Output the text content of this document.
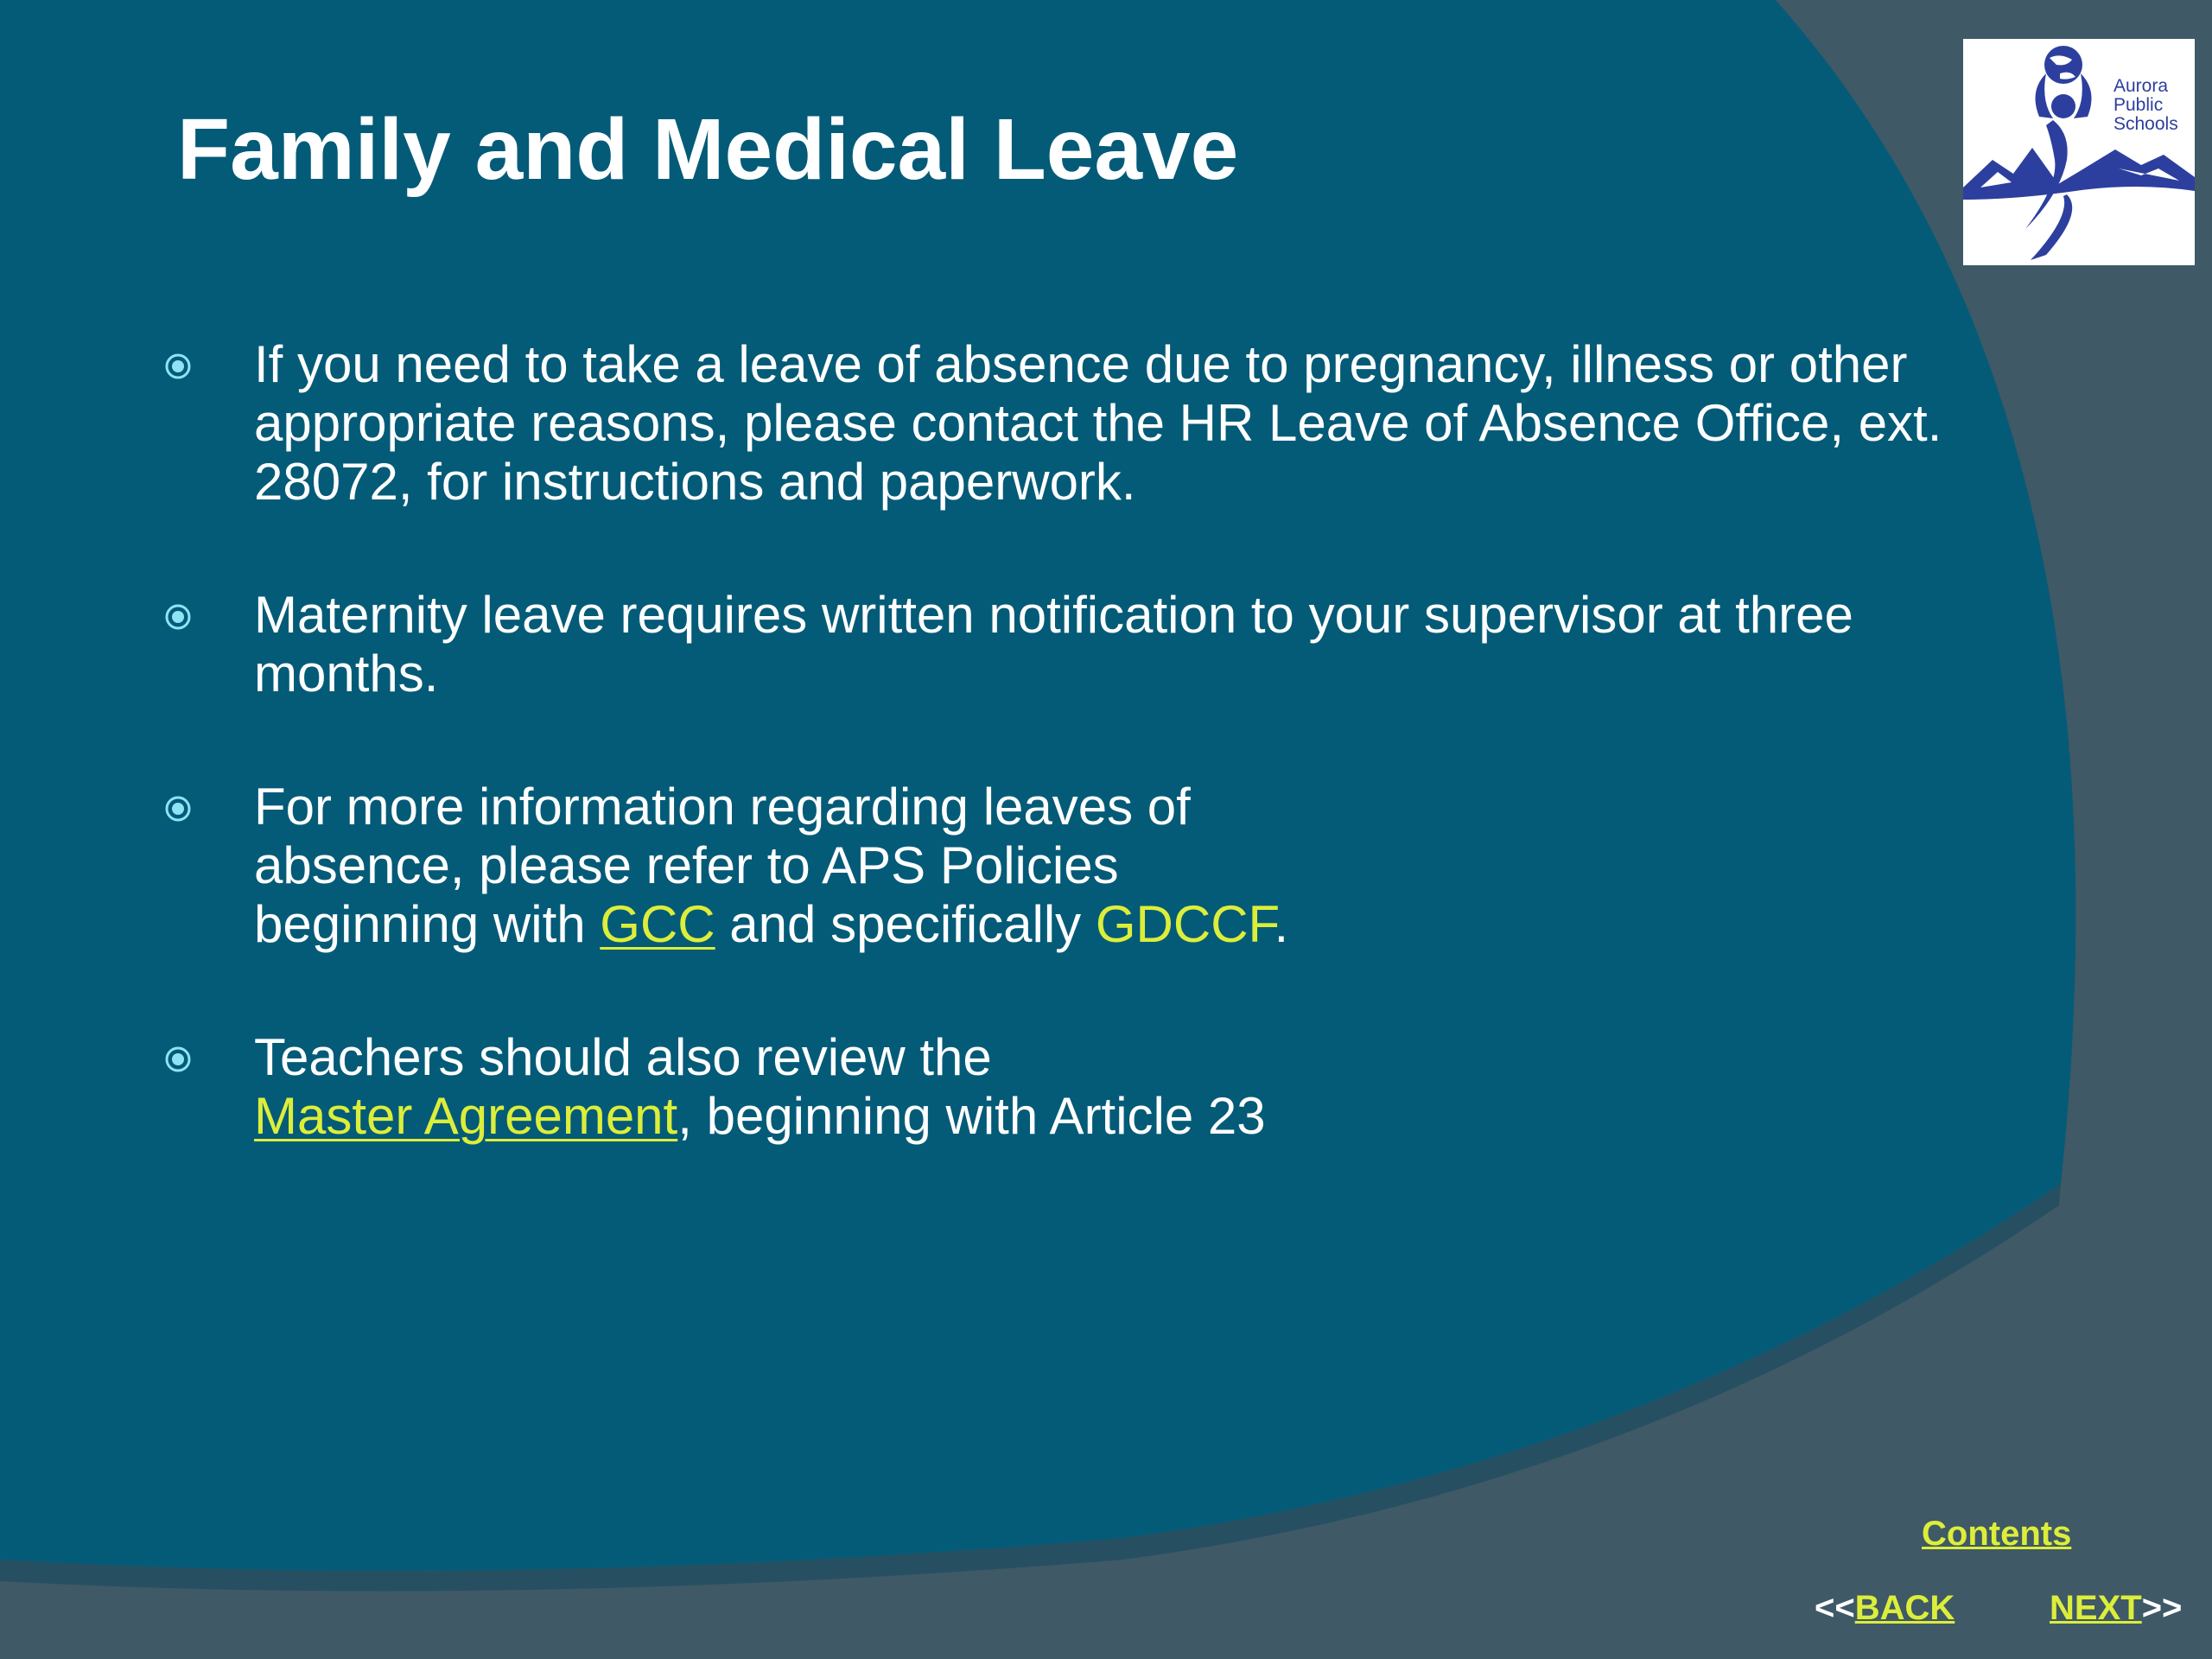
Family and Medical Leave
If you need to take a leave of absence due to pregnancy, illness or other appropriate reasons, please contact the HR Leave of Absence Office, ext. 28072, for instructions and paperwork.
Maternity leave requires written notification to your supervisor at three months.
For more information regarding leaves of
absence, please refer to APS Policies
beginning with GCC and specifically GDCCF.
Teachers should also review the
Master Agreement, beginning with Article 23
Aurora
Public
Schools
Contents
<<BACK	NEXT>>
